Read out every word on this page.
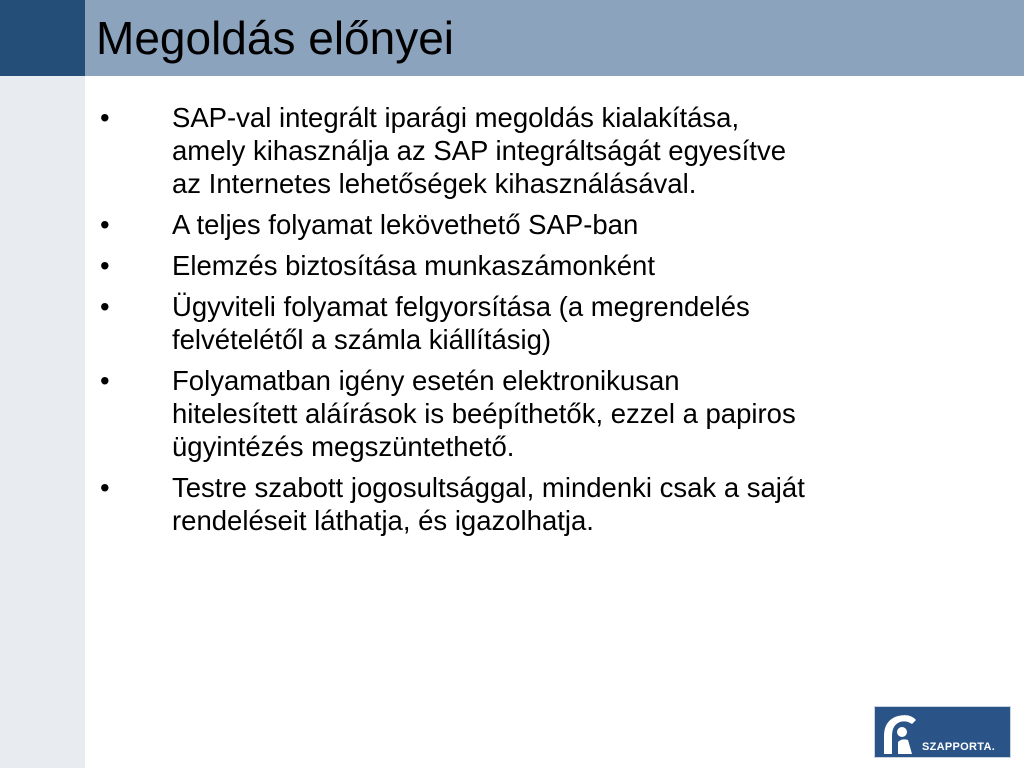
Megoldás előnyei
• SAP-val integrált iparági megoldás kialakítása,
amely kihasználja az SAP integráltságát egyesítve
az Internetes lehetőségek kihasználásával.
• A teljes folyamat lekövethető SAP-ban
• Elemzés biztosítása munkaszámonként
• Ügyviteli folyamat felgyorsítása (a megrendelés
felvételétől a számla kiállításig)
• Folyamatban igény esetén elektronikusan
hitelesített aláírások is beépíthetők, ezzel a papiros
ügyintézés megszüntethető.
• Testre szabott jogosultsággal, mindenki csak a saját
rendeléseit láthatja, és igazolhatja.
SZAPPORTA.
